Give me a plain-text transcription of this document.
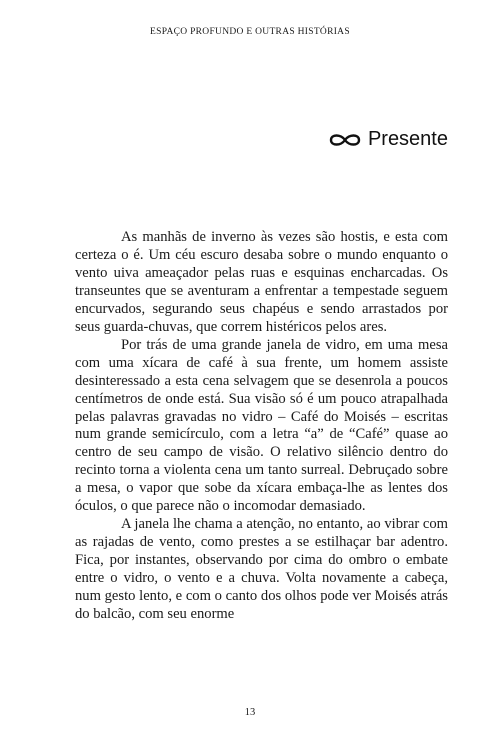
ESPAÇO PROFUNDO E OUTRAS HISTÓRIAS
Presente

As manhãs de inverno às vezes são hostis, e esta com certeza o é. Um céu escuro desaba sobre o mundo enquanto o vento uiva ameaçador pelas ruas e esquinas encharcadas. Os transeuntes que se aventuram a enfrentar a tempestade seguem encurvados, segurando seus chapéus e sendo arrastados por seus guarda-chuvas, que correm histéricos pelos ares.

Por trás de uma grande janela de vidro, em uma mesa com uma xícara de café à sua frente, um homem assiste desinteressado a esta cena selvagem que se desenrola a poucos centímetros de onde está. Sua visão só é um pouco atrapalhada pelas palavras gravadas no vidro – Café do Moisés – escritas num grande semicírculo, com a letra “a” de “Café” quase ao centro de seu campo de visão. O relativo silêncio dentro do recinto torna a violenta cena um tanto surreal. Debruçado sobre a mesa, o vapor que sobe da xícara embaça-lhe as lentes dos óculos, o que parece não o incomodar demasiado.

A janela lhe chama a atenção, no entanto, ao vibrar com as rajadas de vento, como prestes a se estilhaçar bar adentro. Fica, por instantes, observando por cima do ombro o embate entre o vidro, o vento e a chuva. Volta novamente a cabeça, num gesto lento, e com o canto dos olhos pode ver Moisés atrás do balcão, com seu enorme

13
